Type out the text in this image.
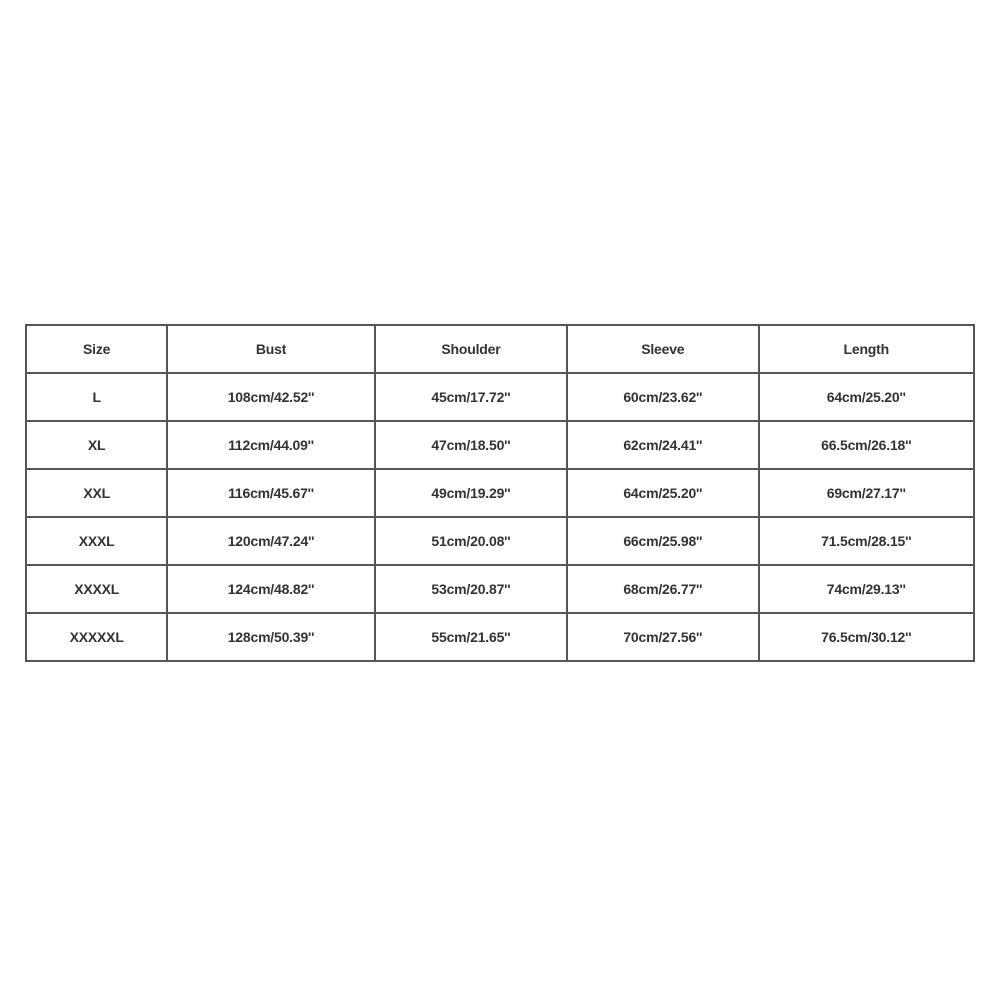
Size	Bust	Shoulder	Sleeve	Length
L	108cm/42.52''	45cm/17.72''	60cm/23.62''	64cm/25.20''
XL	112cm/44.09''	47cm/18.50''	62cm/24.41''	66.5cm/26.18''
XXL	116cm/45.67''	49cm/19.29''	64cm/25.20''	69cm/27.17''
XXXL	120cm/47.24''	51cm/20.08''	66cm/25.98''	71.5cm/28.15''
XXXXL	124cm/48.82''	53cm/20.87''	68cm/26.77''	74cm/29.13''
XXXXXL	128cm/50.39''	55cm/21.65''	70cm/27.56''	76.5cm/30.12''
